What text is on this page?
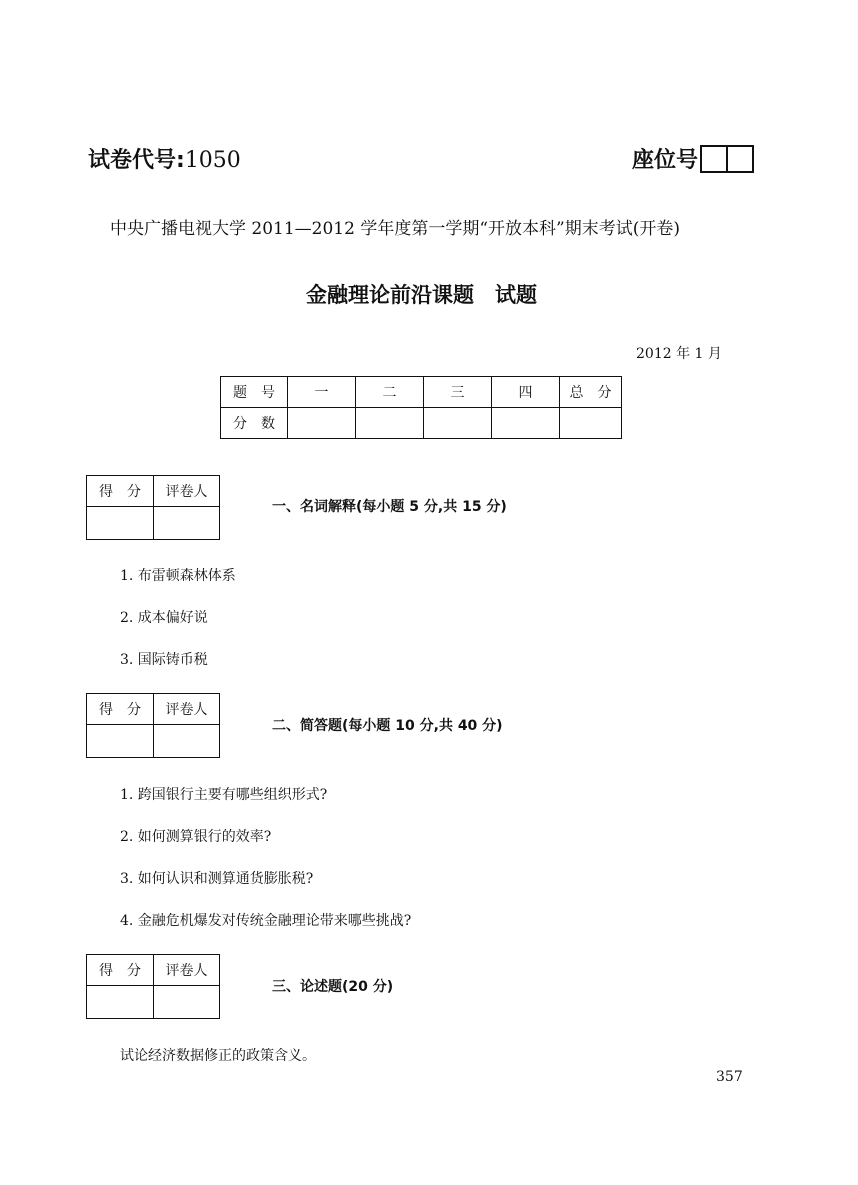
试卷代号:1050	座位号
中央广播电视大学 2011—2012 学年度第一学期“开放本科”期末考试(开卷)
金融理论前沿课题　试题
2012 年 1 月
题　号	一	二	三	四	总　分
分　数					
得　分	评卷人

一、名词解释(每小题 5 分,共 15 分)
1. 布雷顿森林体系
2. 成本偏好说
3. 国际铸币税
得　分	评卷人

二、简答题(每小题 10 分,共 40 分)
1. 跨国银行主要有哪些组织形式?
2. 如何测算银行的效率?
3. 如何认识和测算通货膨胀税?
4. 金融危机爆发对传统金融理论带来哪些挑战?
得　分	评卷人

三、论述题(20 分)
试论经济数据修正的政策含义。
357
